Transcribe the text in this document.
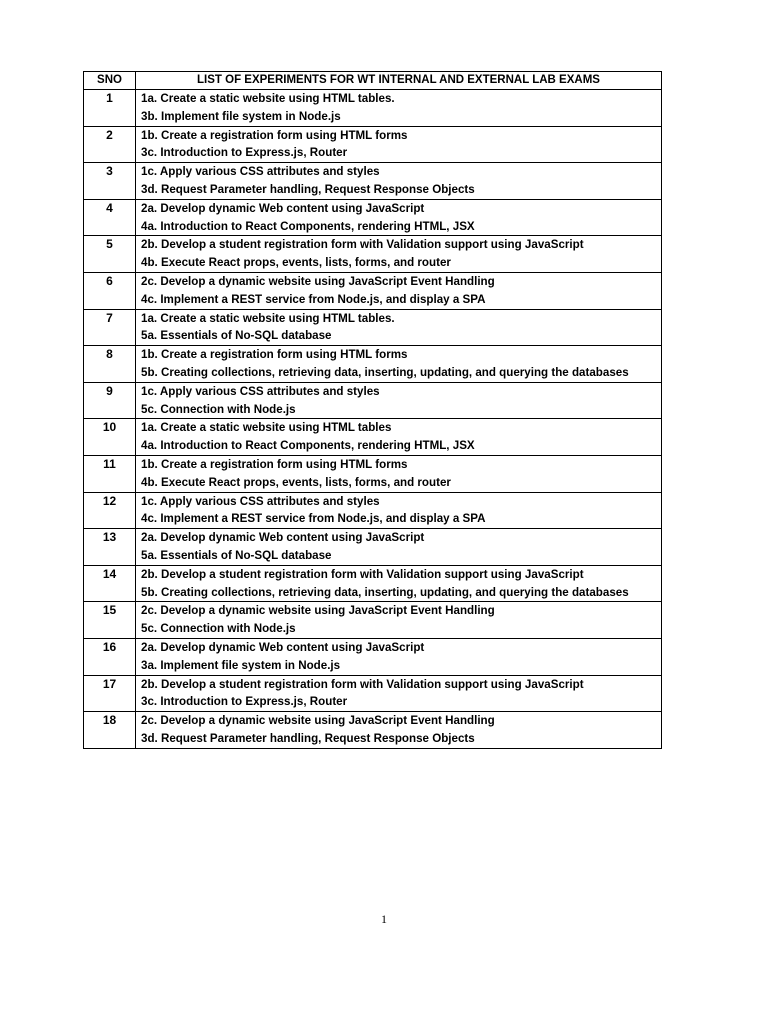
SNO	LIST OF EXPERIMENTS FOR WT INTERNAL AND EXTERNAL LAB EXAMS
1	1a. Create a static website using HTML tables.
3b. Implement file system in Node.js

2	1b. Create a registration form using HTML forms
3c. Introduction to Express.js, Router

3	1c. Apply various CSS attributes and styles
3d. Request Parameter handling, Request Response Objects

4	2a. Develop dynamic Web content using JavaScript
4a. Introduction to React Components, rendering HTML, JSX

5	2b. Develop a student registration form with Validation support using JavaScript
4b. Execute React props, events, lists, forms, and router

6	2c. Develop a dynamic website using JavaScript Event Handling
4c. Implement a REST service from Node.js, and display a SPA

7	1a. Create a static website using HTML tables.
5a. Essentials of No-SQL database

8	1b. Create a registration form using HTML forms
5b. Creating collections, retrieving data, inserting, updating, and querying the databases

9	1c. Apply various CSS attributes and styles
5c. Connection with Node.js

10	1a. Create a static website using HTML tables
4a. Introduction to React Components, rendering HTML, JSX

11	1b. Create a registration form using HTML forms
4b. Execute React props, events, lists, forms, and router

12	1c. Apply various CSS attributes and styles
4c. Implement a REST service from Node.js, and display a SPA

13	2a. Develop dynamic Web content using JavaScript
5a. Essentials of No-SQL database

14	2b. Develop a student registration form with Validation support using JavaScript
5b. Creating collections, retrieving data, inserting, updating, and querying the databases

15	2c. Develop a dynamic website using JavaScript Event Handling
5c. Connection with Node.js

16	2a. Develop dynamic Web content using JavaScript
3a. Implement file system in Node.js

17	2b. Develop a student registration form with Validation support using JavaScript
3c. Introduction to Express.js, Router

18	2c. Develop a dynamic website using JavaScript Event Handling
3d. Request Parameter handling, Request Response Objects
1
